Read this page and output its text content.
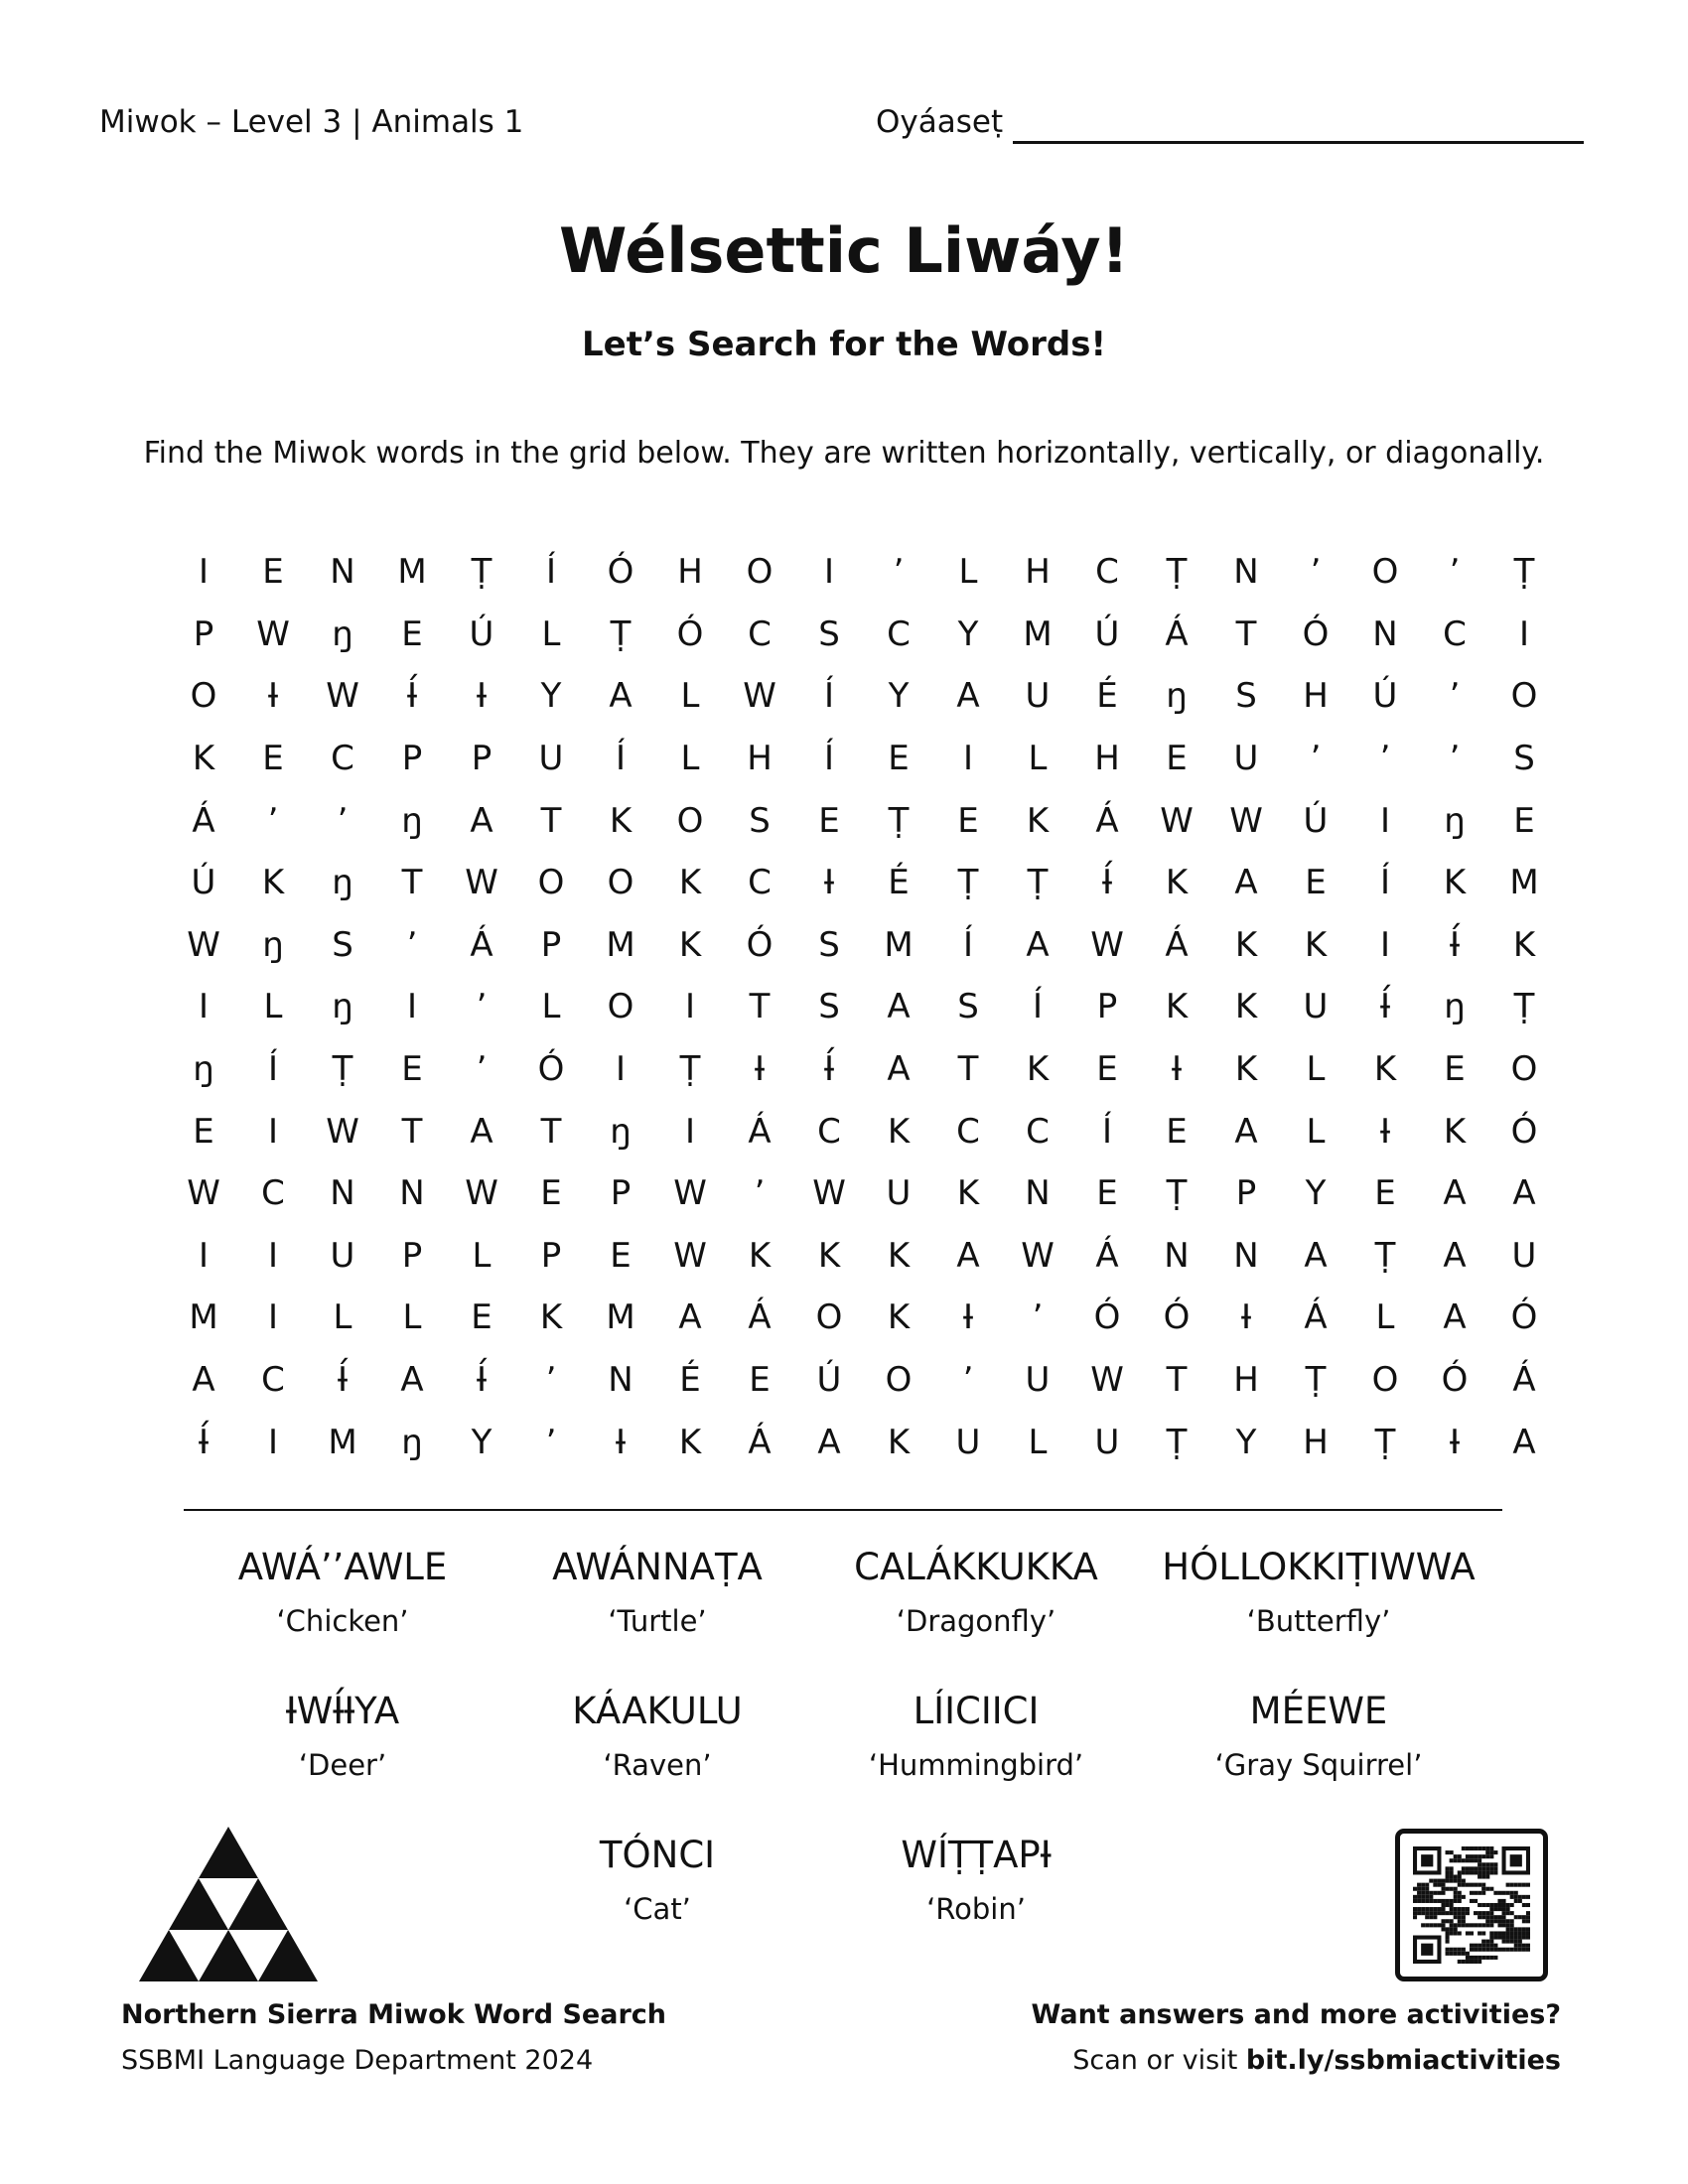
Miwok – Level 3 | Animals 1	Oyáaseṭ
Wélsettic Liwáy!
Let’s Search for the Words!
Find the Miwok words in the grid below. They are written horizontally, vertically, or diagonally.
I	E	N	M	Ṭ	Í	Ó	H	O	I	’	L	H	C	Ṭ	N	’	O	’	Ṭ
P	W	ŋ	E	Ú	L	Ṭ	Ó	C	S	C	Y	M	Ú	Á	T	Ó	N	C	I
O	Ɨ	W	Ɨ́	Ɨ	Y	A	L	W	Í	Y	A	U	É	ŋ	S	H	Ú	’	O
K	E	C	P	P	U	Í	L	H	Í	E	I	L	H	E	U	’	’	’	S
Á	’	’	ŋ	A	T	K	O	S	E	Ṭ	E	K	Á	W	W	Ú	I	ŋ	E
Ú	K	ŋ	T	W	O	O	K	C	Ɨ	É	Ṭ	Ṭ	Ɨ́	K	A	E	Í	K	M
W	ŋ	S	’	Á	P	M	K	Ó	S	M	Í	A	W	Á	K	K	I	Ɨ́	K
I	L	ŋ	I	’	L	O	I	T	S	A	S	Í	P	K	K	U	Ɨ́	ŋ	Ṭ
ŋ	Í	Ṭ	E	’	Ó	I	Ṭ	Ɨ	Ɨ́	A	T	K	E	Ɨ	K	L	K	E	O
E	I	W	T	A	T	ŋ	I	Á	C	K	C	C	Í	E	A	L	Ɨ	K	Ó
W	C	N	N	W	E	P	W	’	W	U	K	N	E	Ṭ	P	Y	E	A	A
I	I	U	P	L	P	E	W	K	K	K	A	W	Á	N	N	A	Ṭ	A	U
M	I	L	L	E	K	M	A	Á	O	K	Ɨ	’	Ó	Ó	Ɨ	Á	L	A	Ó
A	C	Ɨ́	A	Ɨ́	’	N	É	E	Ú	O	’	U	W	T	H	Ṭ	O	Ó	Á
Ɨ́	I	M	ŋ	Y	’	Ɨ	K	Á	A	K	U	L	U	Ṭ	Y	H	Ṭ	Ɨ	A
AWÁ’’AWLE
‘Chicken’
AWÁNNAṬA
‘Turtle’
CALÁKKUKKA
‘Dragonfly’
HÓLLOKKIṬIWWA
‘Butterfly’
ƗWƗ́ƗYA
‘Deer’
KÁAKULU
‘Raven’
LÍICIICI
‘Hummingbird’
MÉEWE
‘Gray Squirrel’
TÓNCI
‘Cat’
WÍṬṬAPƗ
‘Robin’
Northern Sierra Miwok Word Search
SSBMI Language Department 2024
Want answers and more activities?
Scan or visit bit.ly/ssbmiactivities
